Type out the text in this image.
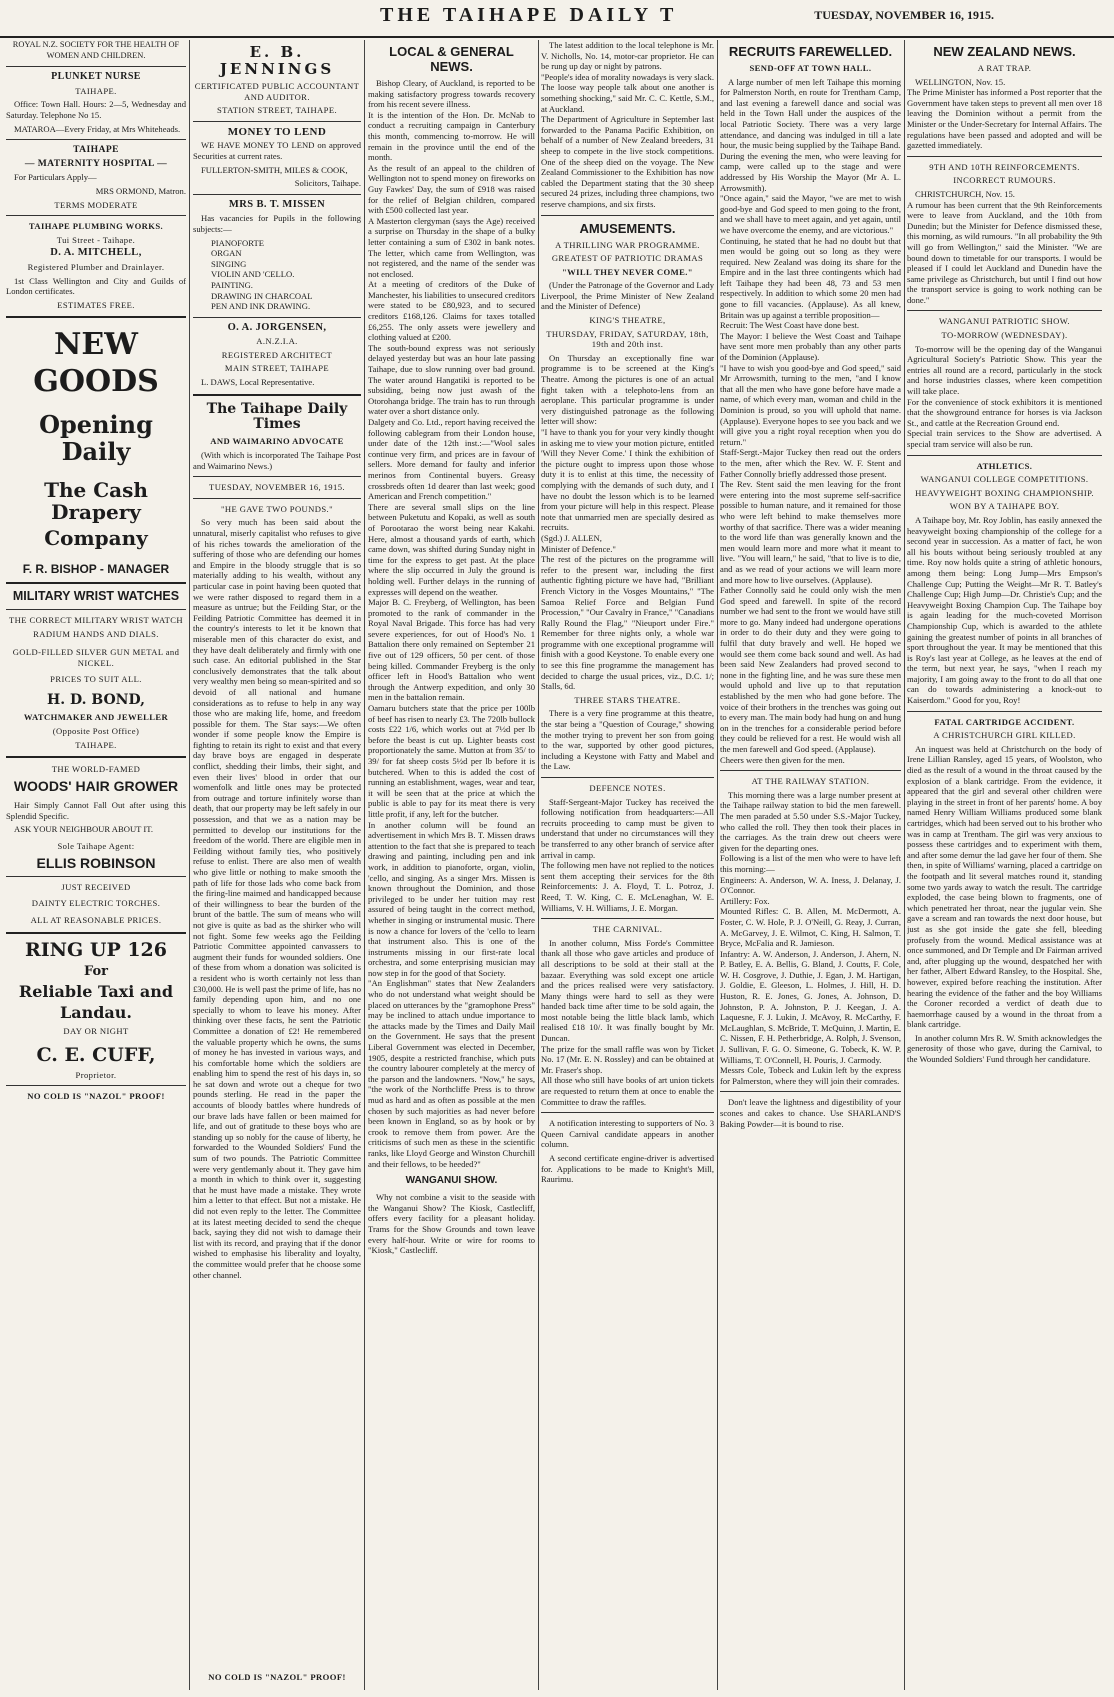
THE TAIHAPE DAILY T	TUESDAY, NOVEMBER 16, 1915.

ROYAL N.Z. SOCIETY FOR THE HEALTH OF WOMEN AND CHILDREN.

PLUNKET NURSE
TAIHAPE.

Office: Town Hall. Hours: 2—5, Wednesday and Saturday. Telephone No 15.

MATAROA—Every Friday, at Mrs Whiteheads.

TAIHAPE
— MATERNITY HOSPITAL —

For Particulars Apply—

MRS ORMOND, Matron.

TERMS MODERATE
TAIHAPE PLUMBING WORKS.
Tui Street - Taihape.
D. A. MITCHELL,
Registered Plumber and Drainlayer.

1st Class Wellington and City and Guilds of London certificates.

ESTIMATES FREE.
NEW
GOODS
Opening Daily
The Cash Drapery
Company
F. R. BISHOP - MANAGER
MILITARY WRIST WATCHES
THE CORRECT MILITARY WRIST WATCH
RADIUM HANDS AND DIALS.
GOLD-FILLED SILVER GUN METAL and NICKEL.
PRICES TO SUIT ALL.
H. D. BOND,
WATCHMAKER AND JEWELLER
(Opposite Post Office)
TAIHAPE.
THE WORLD-FAMED
WOODS' HAIR GROWER

Hair Simply Cannot Fall Out after using this Splendid Specific.

ASK YOUR NEIGHBOUR ABOUT IT.

Sole Taihape Agent:
ELLIS ROBINSON
JUST RECEIVED
DAINTY ELECTRIC TORCHES.
ALL AT REASONABLE PRICES.
RING UP 126
For
Reliable Taxi and
Landau.
DAY OR NIGHT
C. E. CUFF,
Proprietor.
NO COLD IS "NAZOL" PROOF!
E. B. JENNINGS
CERTIFICATED PUBLIC ACCOUNTANT AND AUDITOR.
STATION STREET, TAIHAPE.
MONEY TO LEND

WE HAVE MONEY TO LEND on approved Securities at current rates.

FULLERTON-SMITH, MILES & COOK,

Solicitors, Taihape.

MRS B. T. MISSEN

Has vacancies for Pupils in the following subjects:—

PIANOFORTE
ORGAN
SINGING
VIOLIN AND 'CELLO.
PAINTING.
DRAWING IN CHARCOAL
PEN AND INK DRAWING.

O. A. JORGENSEN,
A.N.Z.I.A.
REGISTERED ARCHITECT
MAIN STREET, TAIHAPE

L. DAWS, Local Representative.

The Taihape Daily Times
AND WAIMARINO ADVOCATE

(With which is incorporated The Taihape Post and Waimarino News.)

TUESDAY, NOVEMBER 16, 1915.
"HE GAVE TWO POUNDS."

So very much has been said about the unnatural, miserly capitalist who refuses to give of his riches towards the amelioration of the suffering of those who are defending our homes and Empire in the bloody struggle that is so materially adding to his wealth, without any particular case in point having been quoted that we were rather disposed to regard them in a measure as untrue; but the Feilding Star, or the Feilding Patriotic Committee has deemed it in the country's interests to let it be known that miserable men of this character do exist, and they have dealt deliberately and firmly with one such case. An editorial published in the Star conclusively demonstrates that the talk about very wealthy men being so mean-spirited and so devoid of all national and humane considerations as to refuse to help in any way those who are making life, home, and freedom possible for them. The Star says:—We often wonder if some people know the Empire is fighting to retain its right to exist and that every day brave boys are engaged in desperate conflict, shedding their limbs, their sight, and even their lives' blood in order that our womenfolk and little ones may be protected from outrage and torture infinitely worse than death, that our property may be left safely in our possession, and that we as a nation may be permitted to develop our institutions for the freedom of the world. There are eligible men in Feilding without family ties, who positively refuse to enlist. There are also men of wealth who give little or nothing to make smooth the path of life for those lads who come back from the firing-line maimed and handicapped because of their willingness to bear the burden of the brunt of the battle. The sum of means who will not give is quite as bad as the shirker who will not fight. Some few weeks ago the Feilding Patriotic Committee appointed canvassers to augment their funds for wounded soldiers. One of these from whom a donation was solicited is a resident who is worth certainly not less than £30,000. He is well past the prime of life, has no family depending upon him, and no one specially to whom to leave his money. After thinking over these facts, he sent the Patriotic Committee a donation of £2! He remembered the valuable property which he owns, the sums of money he has invested in various ways, and his comfortable home which the soldiers are enabling him to spend the rest of his days in, so he sat down and wrote out a cheque for two pounds sterling. He read in the paper the accounts of bloody battles where hundreds of our brave lads have fallen or been maimed for life, and out of gratitude to these boys who are standing up so nobly for the cause of liberty, he forwarded to the Wounded Soldiers' Fund the sum of two pounds. The Patriotic Committee were very gentlemanly about it. They gave him a month in which to think over it, suggesting that he must have made a mistake. They wrote him a letter to that effect. But not a mistake. He did not even reply to the letter. The Committee at its latest meeting decided to send the cheque back, saying they did not wish to damage their list with its record, and praying that if the donor wished to emphasise his liberality and loyalty, the committee would prefer that he choose some other channel.

NO COLD IS "NAZOL" PROOF!
LOCAL & GENERAL NEWS.

Bishop Cleary, of Auckland, is reported to be making satisfactory progress towards recovery from his recent severe illness.
It is the intention of the Hon. Dr. McNab to conduct a recruiting campaign in Canterbury this month, commencing to-morrow. He will remain in the province until the end of the month.
As the result of an appeal to the children of Wellington not to spend money on fireworks on Guy Fawkes' Day, the sum of £918 was raised for the relief of Belgian children, compared with £500 collected last year.
A Masterton clergyman (says the Age) received a surprise on Thursday in the shape of a bulky letter containing a sum of £302 in bank notes. The letter, which came from Wellington, was not registered, and the name of the sender was not enclosed.
At a meeting of creditors of the Duke of Manchester, his liabilities to unsecured creditors were stated to be £80,923, and to secured creditors £168,126. Claims for taxes totalled £6,255. The only assets were jewellery and clothing valued at £200.
The south-bound express was not seriously delayed yesterday but was an hour late passing Taihape, due to slow running over bad ground. The water around Hangatiki is reported to be subsiding, being now just awash of the Otorohanga bridge. The train has to run through water over a short distance only.
Dalgety and Co. Ltd., report having received the following cablegram from their London house, under date of the 12th inst.:—"Wool sales continue very firm, and prices are in favour of sellers. More demand for faulty and inferior merinos from Continental buyers. Greasy crossbreds often 1d dearer than last week; good American and French competition."
There are several small slips on the line between Puketutu and Kopaki, as well as south of Porootarao the worst being near Kakahi. Here, almost a thousand yards of earth, which came down, was shifted during Sunday night in time for the express to get past. At the place where the slip occurred in July the ground is holding well. Further delays in the running of expresses will depend on the weather.
Major B. C. Freyberg, of Wellington, has been promoted to the rank of commander in the Royal Naval Brigade. This force has had very severe experiences, for out of Hood's No. 1 Battalion there only remained on September 21 five out of 129 officers, 50 per cent. of those being killed. Commander Freyberg is the only officer left in Hood's Battalion who went through the Antwerp expedition, and only 30 men in the battalion remain.
Oamaru butchers state that the price per 100lb of beef has risen to nearly £3. The 720lb bullock costs £22 1/6, which works out at 7½d per lb before the beast is cut up. Lighter beasts cost proportionately the same. Mutton at from 35/ to 39/ for fat sheep costs 5½d per lb before it is butchered. When to this is added the cost of running an establishment, wages, wear and tear, it will be seen that at the price at which the public is able to pay for its meat there is very little profit, if any, left for the butcher.
In another column will be found an advertisement in which Mrs B. T. Missen draws attention to the fact that she is prepared to teach drawing and painting, including pen and ink work, in addition to pianoforte, organ, violin, 'cello, and singing. As a singer Mrs. Missen is known throughout the Dominion, and those privileged to be under her tuition may rest assured of being taught in the correct method, whether in singing or instrumental music. There is now a chance for lovers of the 'cello to learn that instrument also. This is one of the instruments missing in our first-rate local orchestra, and some enterprising musician may now step in for the good of that Society.
"An Englishman" states that New Zealanders who do not understand what weight should be placed on utterances by the "gramophone Press" may be inclined to attach undue importance to the attacks made by the Times and Daily Mail on the Government. He says that the present Liberal Government was elected in December, 1905, despite a restricted franchise, which puts the country labourer completely at the mercy of the parson and the landowners. "Now," he says, "the work of the Northcliffe Press is to throw mud as hard and as often as possible at the men chosen by such majorities as had never before been known in England, so as by hook or by crook to remove them from power. Are the criticisms of such men as these in the scientific ranks, like Lloyd George and Winston Churchill and their fellows, to be heeded?"

WANGANUI SHOW.

Why not combine a visit to the seaside with the Wanganui Show? The Kiosk, Castlecliff, offers every facility for a pleasant holiday. Trams for the Show Grounds and town leave every half-hour. Write or wire for rooms to "Kiosk," Castlecliff.

The latest addition to the local telephone is Mr. V. Nicholls, No. 14, motor-car proprietor. He can be rung up day or night by patrons.
"People's idea of morality nowadays is very slack. The loose way people talk about one another is something shocking," said Mr. C. C. Kettle, S.M., at Auckland.
The Department of Agriculture in September last forwarded to the Panama Pacific Exhibition, on behalf of a number of New Zealand breeders, 31 sheep to compete in the live stock competitions. One of the sheep died on the voyage. The New Zealand Commissioner to the Exhibition has now cabled the Department stating that the 30 sheep secured 24 prizes, including three champions, two reserve champions, and six firsts.

AMUSEMENTS.
A THRILLING WAR PROGRAMME.
GREATEST OF PATRIOTIC DRAMAS
"WILL THEY NEVER COME."

(Under the Patronage of the Governor and Lady Liverpool, the Prime Minister of New Zealand and the Minister of Defence)

KING'S THEATRE,
THURSDAY, FRIDAY, SATURDAY, 18th, 19th and 20th inst.

On Thursday an exceptionally fine war programme is to be screened at the King's Theatre. Among the pictures is one of an actual fight taken with a telephoto-lens from an aeroplane. This particular programme is under very distinguished patronage as the following letter will show:
"I have to thank you for your very kindly thought in asking me to view your motion picture, entitled 'Will they Never Come.' I think the exhibition of the picture ought to impress upon those whose duty it is to enlist at this time, the necessity of complying with the demands of such duty, and I have no doubt the lesson which is to be learned from your picture will help in this respect. Please note that unmarried men are specially desired as recruits.
(Sgd.) J. ALLEN,
Minister of Defence."
The rest of the pictures on the programme will refer to the present war, including the first authentic fighting picture we have had, "Brilliant French Victory in the Vosges Mountains," "The Samoa Relief Force and Belgian Fund Procession," "Our Cavalry in France," "Canadians Rally Round the Flag," "Nieuport under Fire." Remember for three nights only, a whole war programme with one exceptional programme will finish with a good Keystone. To enable every one to see this fine programme the management has decided to charge the usual prices, viz., D.C. 1/; Stalls, 6d.

THREE STARS THEATRE.

There is a very fine programme at this theatre, the star being a "Question of Courage," showing the mother trying to prevent her son from going to the war, supported by other good pictures, including a Keystone with Fatty and Mabel and the Law.

DEFENCE NOTES.

Staff-Sergeant-Major Tuckey has received the following notification from headquarters:—All recruits proceeding to camp must be given to understand that under no circumstances will they be transferred to any other branch of service after arrival in camp.
The following men have not replied to the notices sent them accepting their services for the 8th Reinforcements: J. A. Floyd, T. L. Potroz, J. Reed, T. W. King, C. E. McLenaghan, W. E. Williams, V. H. Williams, J. E. Morgan.

THE CARNIVAL.

In another column, Miss Forde's Committee thank all those who gave articles and produce of all descriptions to be sold at their stall at the bazaar. Everything was sold except one article and the prices realised were very satisfactory. Many things were hard to sell as they were handed back time after time to be sold again, the most notable being the little black lamb, which realised £18 10/. It was finally bought by Mr. Duncan.
The prize for the small raffle was won by Ticket No. 17 (Mr. E. N. Rossley) and can be obtained at Mr. Fraser's shop.
All those who still have books of art union tickets are requested to return them at once to enable the Committee to draw the raffles.

A notification interesting to supporters of No. 3 Queen Carnival candidate appears in another column.

A second certificate engine-driver is advertised for. Applications to be made to Knight's Mill, Raurimu.

RECRUITS FAREWELLED.
SEND-OFF AT TOWN HALL.

A large number of men left Taihape this morning for Palmerston North, en route for Trentham Camp, and last evening a farewell dance and social was held in the Town Hall under the auspices of the local Patriotic Society. There was a very large attendance, and dancing was indulged in till a late hour, the music being supplied by the Taihape Band.
During the evening the men, who were leaving for camp, were called up to the stage and were addressed by His Worship the Mayor (Mr A. L. Arrowsmith).
"Once again," said the Mayor, "we are met to wish good-bye and God speed to men going to the front, and we shall have to meet again, and yet again, until we have overcome the enemy, and are victorious."
Continuing, he stated that he had no doubt but that men would be going out so long as they were required. New Zealand was doing its share for the Empire and in the last three contingents which had left Taihape they had been 48, 73 and 53 men respectively. In addition to which some 20 men had gone to fill vacancies. (Applause). As all knew, Britain was up against a terrible proposition—
Recruit: The West Coast have done best.
The Mayor: I believe the West Coast and Taihape have sent more men probably than any other parts of the Dominion (Applause).
"I have to wish you good-bye and God speed," said Mr Arrowsmith, turning to the men, "and I know that all the men who have gone before have made a name, of which every man, woman and child in the Dominion is proud, so you will uphold that name. (Applause). Everyone hopes to see you back and we will give you a right royal reception when you do return."
Staff-Sergt.-Major Tuckey then read out the orders to the men, after which the Rev. W. F. Stent and Father Connolly briefly addressed those present.
The Rev. Stent said the men leaving for the front were entering into the most supreme self-sacrifice possible to human nature, and it remained for those who were left behind to make themselves more worthy of that sacrifice. There was a wider meaning to the word life than was generally known and the men would learn more and more what it meant to live. "You will learn," he said, "that to live is to die, and as we read of your actions we will learn more and more how to live ourselves. (Applause).
Father Connolly said he could only wish the men God speed and farewell. In spite of the record number we had sent to the front we would have still more to go. Many indeed had undergone operations in order to do their duty and they were going to fulfil that duty bravely and well. He hoped we would see them come back sound and well. As had been said New Zealanders had proved second to none in the fighting line, and he was sure these men would uphold and live up to that reputation established by the men who had gone before. The voice of their brothers in the trenches was going out to every man. The main body had hung on and hung on in the trenches for a considerable period before they could be relieved for a rest. He would wish all the men farewell and God speed. (Applause).
Cheers were then given for the men.

AT THE RAILWAY STATION.

This morning there was a large number present at the Taihape railway station to bid the men farewell. The men paraded at 5.50 under S.S.-Major Tuckey, who called the roll. They then took their places in the carriages. As the train drew out cheers were given for the departing ones.
Following is a list of the men who were to have left this morning:—
Engineers: A. Anderson, W. A. Iness, J. Delanay, J. O'Connor.
Artillery: Fox.
Mounted Rifles: C. B. Allen, M. McDermott, A. Foster, C. W. Hole, P. J. O'Neill, G. Reay, J. Curran, A. McGarvey, J. E. Wilmot, C. King, H. Salmon, T. Bryce, McFalia and R. Jamieson.
Infantry: A. W. Anderson, J. Anderson, J. Ahern, N. P. Batley, E. A. Bellis, G. Bland, J. Coutts, F. Cole, W. H. Cosgrove, J. Duthie, J. Egan, J. M. Hartigan, J. Goldie, E. Gleeson, L. Holmes, J. Hill, H. D. Huston, R. E. Jones, G. Jones, A. Johnson, D. Johnston, P. A. Johnston, P. J. Keegan, J. A. Laquesne, F. J. Lukin, J. McAvoy, R. McCarthy, F. McLaughlan, S. McBride, T. McQuinn, J. Martin, E. C. Nissen, F. H. Petherbridge, A. Rolph, J. Svenson, J. Sullivan, F. G. O. Simeone, G. Tobeck, K. W. P. Williams, T. O'Connell, H. Pouris, J. Carmody.
Messrs Cole, Tobeck and Lukin left by the express for Palmerston, where they will join their comrades.

Don't leave the lightness and digestibility of your scones and cakes to chance. Use SHARLAND'S Baking Powder—it is bound to rise.

NEW ZEALAND NEWS.
A RAT TRAP.

WELLINGTON, Nov. 15.
The Prime Minister has informed a Post reporter that the Government have taken steps to prevent all men over 18 leaving the Dominion without a permit from the Minister or the Under-Secretary for Internal Affairs. The regulations have been passed and adopted and will be gazetted immediately.

9TH AND 10TH REINFORCEMENTS.
INCORRECT RUMOURS.

CHRISTCHURCH, Nov. 15.
A rumour has been current that the 9th Reinforcements were to leave from Auckland, and the 10th from Dunedin; but the Minister for Defence dismissed these, this morning, as wild rumours. "In all probability the 9th will go from Wellington," said the Minister. "We are bound down to timetable for our transports. I would be pleased if I could let Auckland and Dunedin have the same privilege as Christchurch, but until I find out how the transport service is going to work nothing can be done."

WANGANUI PATRIOTIC SHOW.
TO-MORROW (WEDNESDAY).

To-morrow will be the opening day of the Wanganui Agricultural Society's Patriotic Show. This year the entries all round are a record, particularly in the stock and horse industries classes, where keen competition will take place.
For the convenience of stock exhibitors it is mentioned that the showground entrance for horses is via Jackson St., and cattle at the Recreation Ground end.
Special train services to the Show are advertised. A special tram service will also be run.

ATHLETICS.
WANGANUI COLLEGE COMPETITIONS.
HEAVYWEIGHT BOXING CHAMPIONSHIP.
WON BY A TAIHAPE BOY.

A Taihape boy, Mr. Roy Joblin, has easily annexed the heavyweight boxing championship of the college for a second year in succession. As a matter of fact, he won all his bouts without being seriously troubled at any time. Roy now holds quite a string of athletic honours, among them being: Long Jump—Mrs Empson's Challenge Cup; Putting the Weight—Mr R. T. Batley's Challenge Cup; High Jump—Dr. Christie's Cup; and the Heavyweight Boxing Champion Cup. The Taihape boy is again leading for the much-coveted Morrison Championship Cup, which is awarded to the athlete gaining the greatest number of points in all branches of sport throughout the year. It may be mentioned that this is Roy's last year at College, as he leaves at the end of the term, but next year, he says, "when I reach my majority, I am going away to the front to do all that one can do towards administering a knock-out to Kaiserdom." Good for you, Roy!

FATAL CARTRIDGE ACCIDENT.
A CHRISTCHURCH GIRL KILLED.

An inquest was held at Christchurch on the body of Irene Lillian Ransley, aged 15 years, of Woolston, who died as the result of a wound in the throat caused by the explosion of a blank cartridge. From the evidence, it appeared that the girl and several other children were playing in the street in front of her parents' home. A boy named Henry William Williams produced some blank cartridges, which had been served out to his brother who was in camp at Trentham. The girl was very anxious to possess these cartridges and to experiment with them, and after some demur the lad gave her four of them. She then, in spite of Williams' warning, placed a cartridge on the footpath and lit several matches round it, standing some two yards away to watch the result. The cartridge exploded, the case being blown to fragments, one of which penetrated her throat, near the jugular vein. She gave a scream and ran towards the next door house, but just as she got inside the gate she fell, bleeding profusely from the wound. Medical assistance was at once summoned, and Dr Temple and Dr Fairman arrived and, after plugging up the wound, despatched her with her father, Albert Edward Ransley, to the Hospital. She, however, expired before reaching the institution. After hearing the evidence of the father and the boy Williams the Coroner recorded a verdict of death due to haemorrhage caused by a wound in the throat from a blank cartridge.

In another column Mrs R. W. Smith acknowledges the generosity of those who gave, during the Carnival, to the Wounded Soldiers' Fund through her candidature.
